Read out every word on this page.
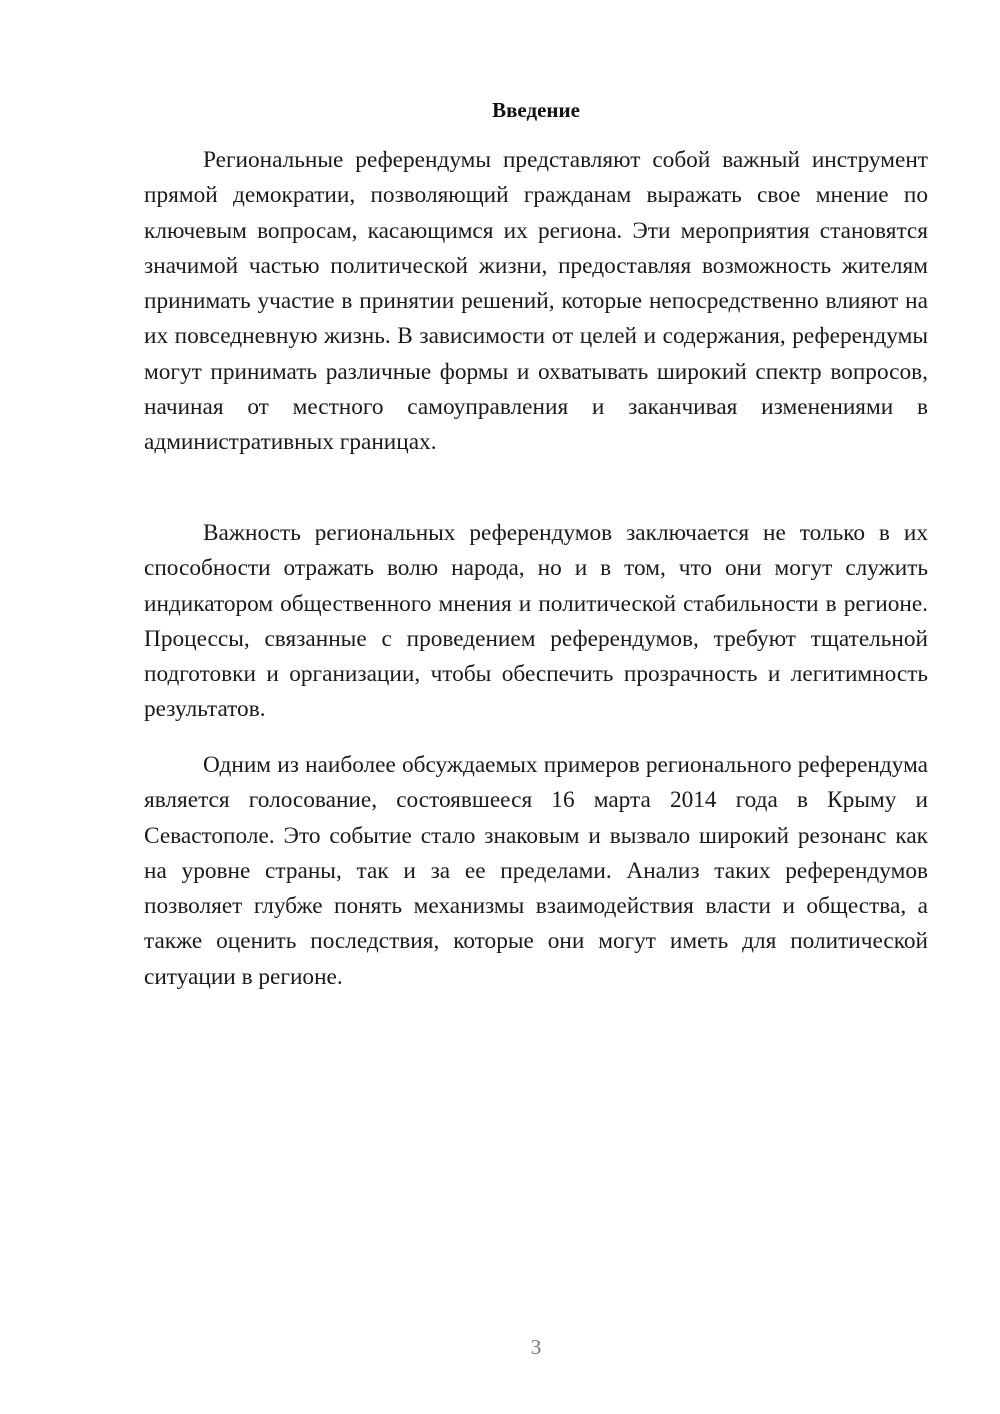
Введение

Региональные референдумы представляют собой важный инструмент прямой демократии, позволяющий гражданам выражать свое мнение по ключевым вопросам, касающимся их региона. Эти мероприятия становятся значимой частью политической жизни, предоставляя возможность жителям принимать участие в принятии решений, которые непосредственно влияют на их повседневную жизнь. В зависимости от целей и содержания, референдумы могут принимать различные формы и охватывать широкий спектр вопросов, начиная от местного самоуправления и заканчивая изменениями в административных границах.

Важность региональных референдумов заключается не только в их способности отражать волю народа, но и в том, что они могут служить индикатором общественного мнения и политической стабильности в регионе. Процессы, связанные с проведением референдумов, требуют тщательной подготовки и организации, чтобы обеспечить прозрачность и легитимность результатов.

Одним из наиболее обсуждаемых примеров регионального референдума является голосование, состоявшееся 16 марта 2014 года в Крыму и Севастополе. Это событие стало знаковым и вызвало широкий резонанс как на уровне страны, так и за ее пределами. Анализ таких референдумов позволяет глубже понять механизмы взаимодействия власти и общества, а также оценить последствия, которые они могут иметь для политической ситуации в регионе.

3
